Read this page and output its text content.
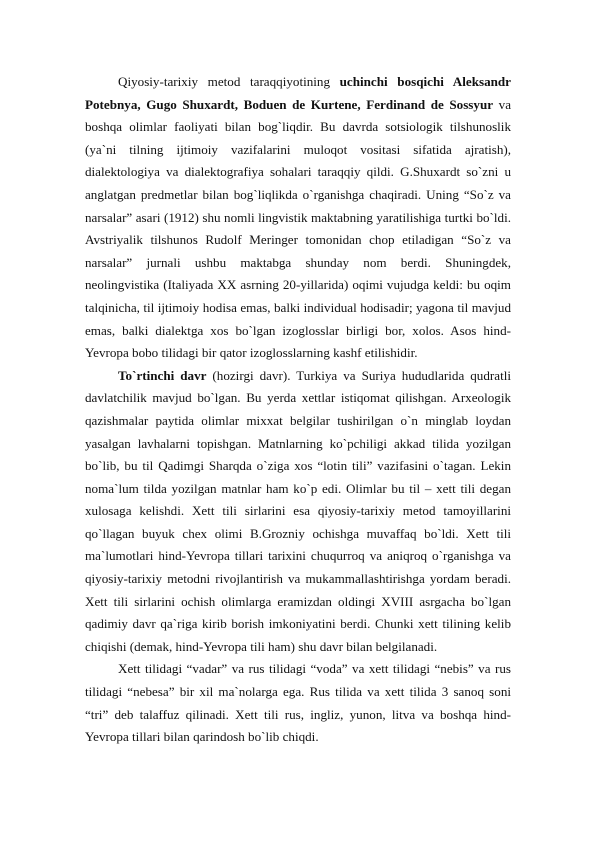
Qiyosiy-tarixiy metod taraqqiyotining uchinchi bosqichi Aleksandr Potebnya, Gugo Shuxardt, Boduen de Kurtene, Ferdinand de Sossyur va boshqa olimlar faoliyati bilan bog`liqdir. Bu davrda sotsiologik tilshunoslik (ya`ni tilning ijtimoiy vazifalarini muloqot vositasi sifatida ajratish), dialektologiya va dialektografiya sohalari taraqqiy qildi. G.Shuxardt so`zni u anglatgan predmetlar bilan bog`liqlikda o`rganishga chaqiradi. Uning “So`z va narsalar” asari (1912) shu nomli lingvistik maktabning yaratilishiga turtki bo`ldi. Avstriyalik tilshunos Rudolf Meringer tomonidan chop etiladigan “So`z va narsalar” jurnali ushbu maktabga shunday nom berdi. Shuningdek, neolingvistika (Italiyada XX asrning 20-yillarida) oqimi vujudga keldi: bu oqim talqinicha, til ijtimoiy hodisa emas, balki individual hodisadir; yagona til mavjud emas, balki dialektga xos bo`lgan izoglosslar birligi bor, xolos. Asos hind-Yevropa bobo tilidagi bir qator izoglosslarning kashf etilishidir.

To`rtinchi davr (hozirgi davr). Turkiya va Suriya hududlarida qudratli davlatchilik mavjud bo`lgan. Bu yerda xettlar istiqomat qilishgan. Arxeologik qazishmalar paytida olimlar mixxat belgilar tushirilgan o`n minglab loydan yasalgan lavhalarni topishgan. Matnlarning ko`pchiligi akkad tilida yozilgan bo`lib, bu til Qadimgi Sharqda o`ziga xos “lotin tili” vazifasini o`tagan. Lekin noma`lum tilda yozilgan matnlar ham ko`p edi. Olimlar bu til – xett tili degan xulosaga kelishdi. Xett tili sirlarini esa qiyosiy-tarixiy metod tamoyillarini qo`llagan buyuk chex olimi B.Grozniy ochishga muvaffaq bo`ldi. Xett tili ma`lumotlari hind-Yevropa tillari tarixini chuqurroq va aniqroq o`rganishga va qiyosiy-tarixiy metodni rivojlantirish va mukammallashtirishga yordam beradi. Xett tili sirlarini ochish olimlarga eramizdan oldingi XVIII asrgacha bo`lgan qadimiy davr qa`riga kirib borish imkoniyatini berdi. Chunki xett tilining kelib chiqishi (demak, hind-Yevropa tili ham) shu davr bilan belgilanadi.

Xett tilidagi “vadar” va rus tilidagi “voda” va xett tilidagi “nebis” va rus tilidagi “nebesa” bir xil ma`nolarga ega. Rus tilida va xett tilida 3 sanoq soni “tri” deb talaffuz qilinadi. Xett tili rus, ingliz, yunon, litva va boshqa hind-Yevropa tillari bilan qarindosh bo`lib chiqdi.
